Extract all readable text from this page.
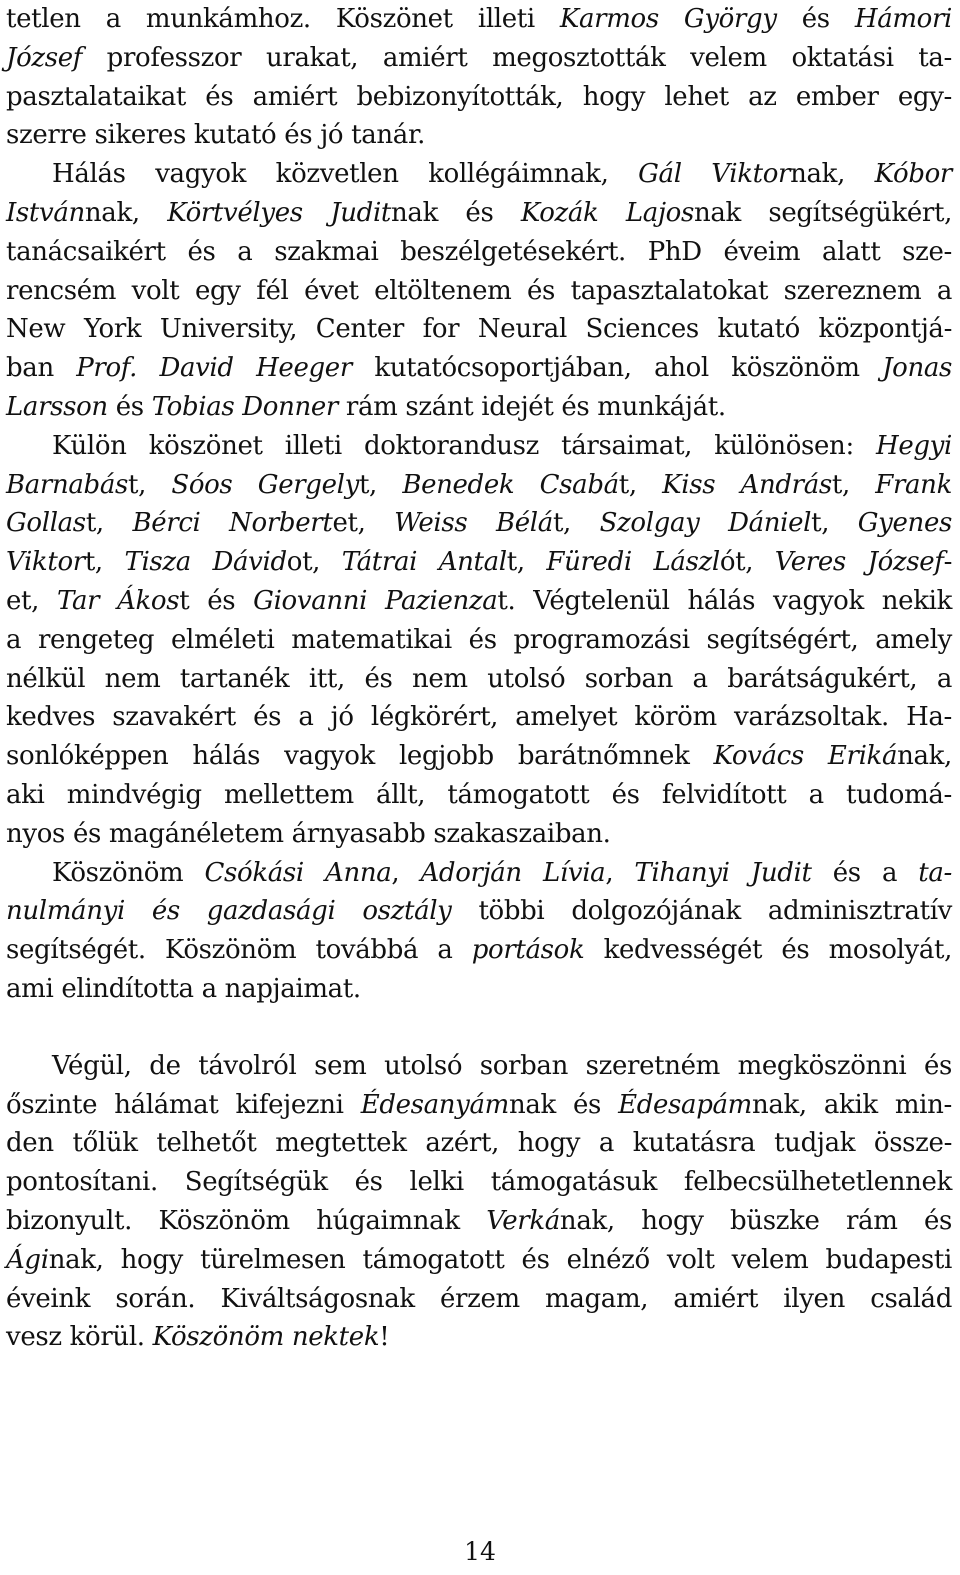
tetlen a munkámhoz. Köszönet illeti Karmos György és Hámori
József professzor urakat, amiért megosztották velem oktatási ta-
pasztalataikat és amiért bebizonyították, hogy lehet az ember egy-
szerre sikeres kutató és jó tanár.
Hálás vagyok közvetlen kollégáimnak, Gál Viktornak, Kóbor
Istvánnak, Körtvélyes Juditnak és Kozák Lajosnak segítségükért,
tanácsaikért és a szakmai beszélgetésekért. PhD éveim alatt sze-
rencsém volt egy fél évet eltöltenem és tapasztalatokat szereznem a
New York University, Center for Neural Sciences kutató központjá-
ban Prof. David Heeger kutatócsoportjában, ahol köszönöm Jonas
Larsson és Tobias Donner rám szánt idejét és munkáját.
Külön köszönet illeti doktorandusz társaimat, különösen: Hegyi
Barnabást, Sóos Gergelyt, Benedek Csabát, Kiss Andrást, Frank
Gollast, Bérci Norbertet, Weiss Bélát, Szolgay Dánielt, Gyenes
Viktort, Tisza Dávidot, Tátrai Antalt, Füredi Lászlót, Veres József-
et, Tar Ákost és Giovanni Pazienzat. Végtelenül hálás vagyok nekik
a rengeteg elméleti matematikai és programozási segítségért, amely
nélkül nem tartanék itt, és nem utolsó sorban a barátságukért, a
kedves szavakért és a jó légkörért, amelyet köröm varázsoltak. Ha-
sonlóképpen hálás vagyok legjobb barátnőmnek Kovács Erikának,
aki mindvégig mellettem állt, támogatott és felvidított a tudomá-
nyos és magánéletem árnyasabb szakaszaiban.
Köszönöm Csókási Anna, Adorján Lívia, Tihanyi Judit és a ta-
nulmányi és gazdasági osztály többi dolgozójának adminisztratív
segítségét. Köszönöm továbbá a portások kedvességét és mosolyát,
ami elindította a napjaimat.
Végül, de távolról sem utolsó sorban szeretném megköszönni és
őszinte hálámat kifejezni Édesanyámnak és Édesapámnak, akik min-
den tőlük telhetőt megtettek azért, hogy a kutatásra tudjak össze-
pontosítani. Segítségük és lelki támogatásuk felbecsülhetetlennek
bizonyult. Köszönöm húgaimnak Verkának, hogy büszke rám és
Áginak, hogy türelmesen támogatott és elnéző volt velem budapesti
éveink során. Kiváltságosnak érzem magam, amiért ilyen család
vesz körül. Köszönöm nektek!
14
